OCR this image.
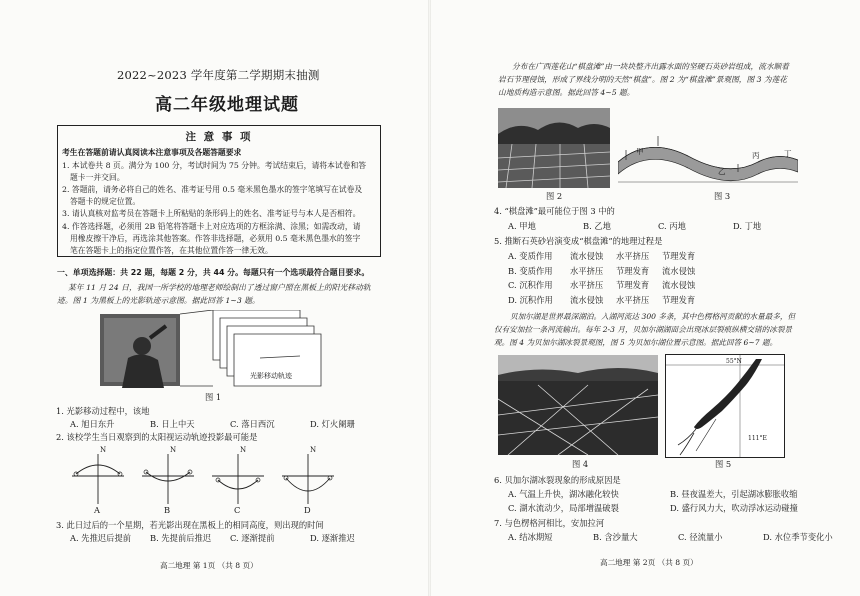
2022~2023 学年度第二学期期末抽测
高二年级地理试题
注 意 事 项
考生在答题前请认真阅读本注意事项及各题答题要求
1. 本试卷共 8 页。满分为 100 分，考试时间为 75 分钟。考试结束后，请将本试卷和答
题卡一并交回。
2. 答题前，请务必将自己的姓名、准考证号用 0.5 毫米黑色墨水的签字笔填写在试卷及
答题卡的规定位置。
3. 请认真核对监考员在答题卡上所粘贴的条形码上的姓名、准考证号与本人是否相符。
4. 作答选择题，必须用 2B 铅笔将答题卡上对应选项的方框涂满、涂黑；如需改动，请
用橡皮擦干净后，再选涂其他答案。作答非选择题，必须用 0.5 毫米黑色墨水的签字
笔在答题卡上的指定位置作答，在其他位置作答一律无效。
一、单项选择题：共 22 题，每题 2 分，共 44 分。每题只有一个选项最符合题目要求。
某年 11 月 24 日，我国一所学校的地理老师绘制出了透过窗户照在黑板上的阳光移动轨
迹。图 1 为黑板上的光影轨迹示意图。据此回答 1~3 题。
光影移动轨迹
图 1
1. 光影移动过程中，该地
A. 旭日东升	B. 日上中天	C. 落日西沉	D. 灯火阑珊
2. 该校学生当日观察到的太阳视运动轨迹投影最可能是
N	N	N	N
A	B	C	D
3. 此日过后的一个星期，若光影出现在黑板上的相同高度，则出现的时间
A. 先推迟后提前	B. 先提前后推迟	C. 逐渐提前	D. 逐渐推迟
高二地理 第 1页 （共 8 页）
分布在广西莲花山“棋盘滩”由一块块整齐出露水面的坚硬石英砂岩组成，流水顺着
岩石节理侵蚀，形成了界线分明的天然“棋盘”。图 2 为“棋盘滩”景观图，图 3 为莲花
山地质构造示意图。据此回答 4~5 题。
图 2
甲
乙
丙	丁
图 3
4. “棋盘滩”最可能位于图 3 中的
A. 甲地	B. 乙地	C. 丙地	D. 丁地
5. 推断石英砂岩演变成“棋盘滩”的地理过程是
A. 变质作用 流水侵蚀 水平挤压 节理发育
B. 变质作用 水平挤压 节理发育 流水侵蚀
C. 沉积作用 水平挤压 节理发育 流水侵蚀
D. 沉积作用 流水侵蚀 水平挤压 节理发育
贝加尔湖是世界最深湖泊。入湖河流达 300 多条，其中色楞格河贡献的水量最多，但
仅有安加拉一条河流输出。每年 2-3 月，贝加尔湖湖面会出现冰层裂痕纵横交错的冰裂景
观。图 4 为贝加尔湖冰裂景观图，图 5 为贝加尔湖位置示意图。据此回答 6~7 题。
图 4
55°N
111°E
图 5
6. 贝加尔湖冰裂现象的形成原因是
A. 气温上升快，湖冰融化较快	B. 昼夜温差大，引起湖冰膨胀收缩
C. 湖水流动少，局部增温破裂	D. 盛行风力大，吹动浮冰运动碰撞
7. 与色楞格河相比，安加拉河
A. 结冰期短	B. 含沙量大	C. 径流量小	D. 水位季节变化小
高二地理 第 2页 （共 8 页）
